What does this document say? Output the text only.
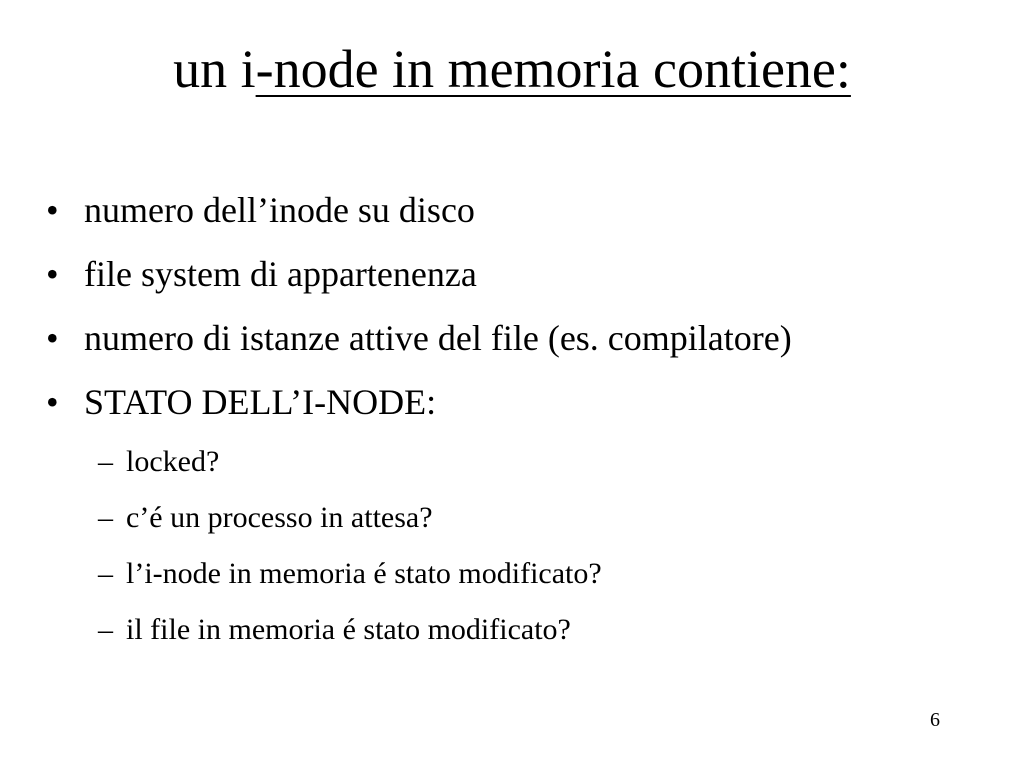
un i-node in memoria contiene:
• numero dell’inode su disco
• file system di appartenenza
• numero di istanze attive del file (es. compilatore)
• STATO DELL’I-NODE:
– locked?
– c’é un processo in attesa?
– l’i-node in memoria é stato modificato?
– il file in memoria é stato modificato?
6
